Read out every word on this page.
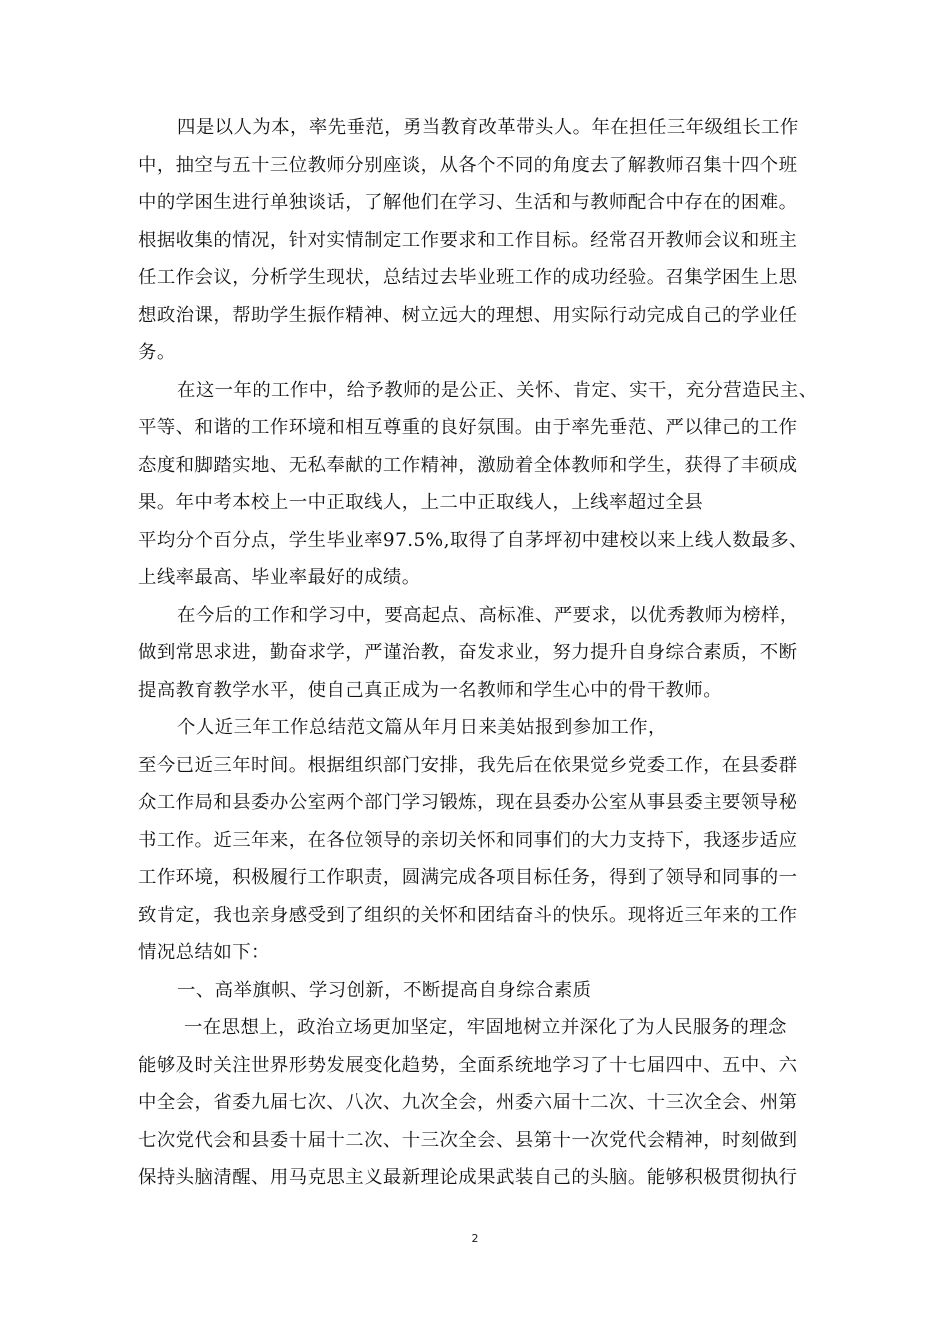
四是以人为本，率先垂范，勇当教育改革带头人。年在担任三年级组长工作
中，抽空与五十三位教师分别座谈，从各个不同的角度去了解教师召集十四个班
中的学困生进行单独谈话，了解他们在学习、生活和与教师配合中存在的困难。
根据收集的情况，针对实情制定工作要求和工作目标。经常召开教师会议和班主
任工作会议，分析学生现状，总结过去毕业班工作的成功经验。召集学困生上思
想政治课，帮助学生振作精神、树立远大的理想、用实际行动完成自己的学业任
务。
在这一年的工作中，给予教师的是公正、关怀、肯定、实干，充分营造民主、
平等、和谐的工作环境和相互尊重的良好氛围。由于率先垂范、严以律己的工作
态度和脚踏实地、无私奉献的工作精神，激励着全体教师和学生，获得了丰硕成
果。年中考本校上一中正取线人，上二中正取线人，上线率超过全县
平均分个百分点，学生毕业率97.5%,取得了自茅坪初中建校以来上线人数最多、
上线率最高、毕业率最好的成绩。
在今后的工作和学习中，要高起点、高标准、严要求，以优秀教师为榜样，
做到常思求进，勤奋求学，严谨治教，奋发求业，努力提升自身综合素质，不断
提高教育教学水平，使自己真正成为一名教师和学生心中的骨干教师。
个人近三年工作总结范文篇从年月日来美姑报到参加工作，
至今已近三年时间。根据组织部门安排，我先后在依果觉乡党委工作，在县委群
众工作局和县委办公室两个部门学习锻炼，现在县委办公室从事县委主要领导秘
书工作。近三年来，在各位领导的亲切关怀和同事们的大力支持下，我逐步适应
工作环境，积极履行工作职责，圆满完成各项目标任务，得到了领导和同事的一
致肯定，我也亲身感受到了组织的关怀和团结奋斗的快乐。现将近三年来的工作
情况总结如下：
一、高举旗帜、学习创新，不断提高自身综合素质
一在思想上，政治立场更加坚定，牢固地树立并深化了为人民服务的理念
能够及时关注世界形势发展变化趋势，全面系统地学习了十七届四中、五中、六
中全会，省委九届七次、八次、九次全会，州委六届十二次、十三次全会、州第
七次党代会和县委十届十二次、十三次全会、县第十一次党代会精神，时刻做到
保持头脑清醒、用马克思主义最新理论成果武装自己的头脑。能够积极贯彻执行
2
